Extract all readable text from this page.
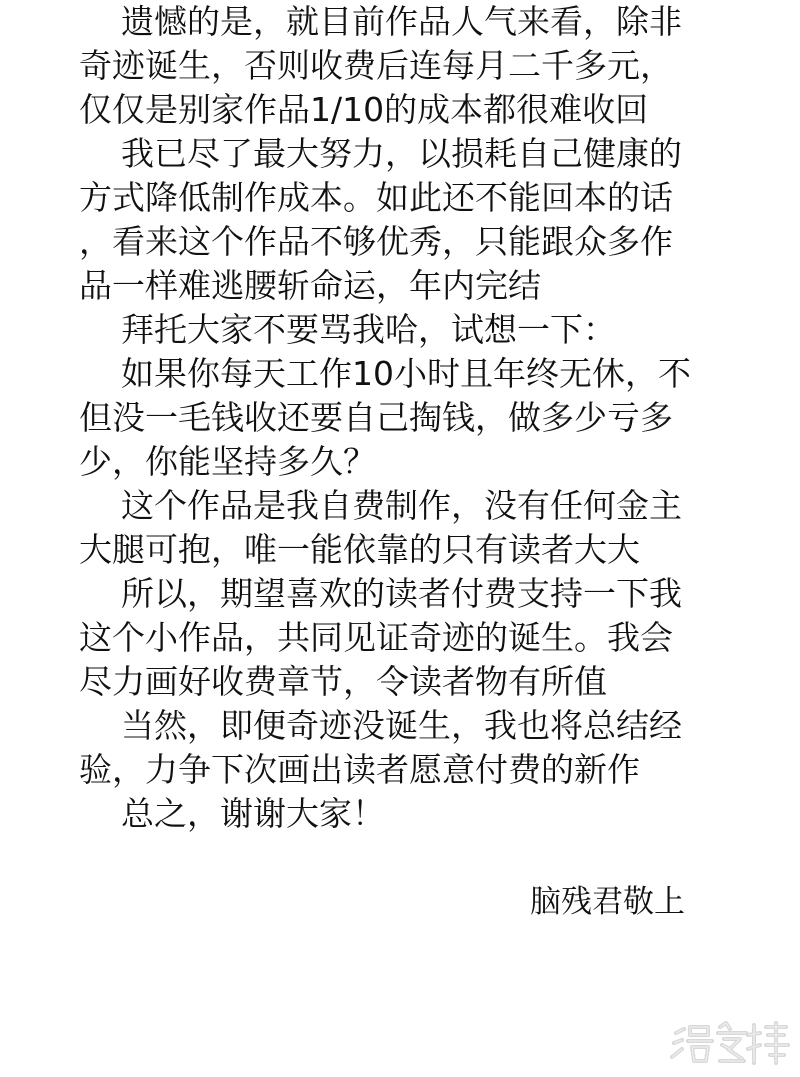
遗憾的是，就目前作品人气来看，除非
奇迹诞生，否则收费后连每月二千多元，
仅仅是别家作品1/10的成本都很难收回
我已尽了最大努力，以损耗自己健康的
方式降低制作成本。如此还不能回本的话
，看来这个作品不够优秀，只能跟众多作
品一样难逃腰斩命运，年内完结
拜托大家不要骂我哈，试想一下：
如果你每天工作10小时且年终无休，不
但没一毛钱收还要自己掏钱，做多少亏多
少，你能坚持多久？
这个作品是我自费制作，没有任何金主
大腿可抱，唯一能依靠的只有读者大大
所以，期望喜欢的读者付费支持一下我
这个小作品，共同见证奇迹的诞生。我会
尽力画好收费章节，令读者物有所值
当然，即便奇迹没诞生，我也将总结经
验，力争下次画出读者愿意付费的新作
总之，谢谢大家！
脑残君敬上
